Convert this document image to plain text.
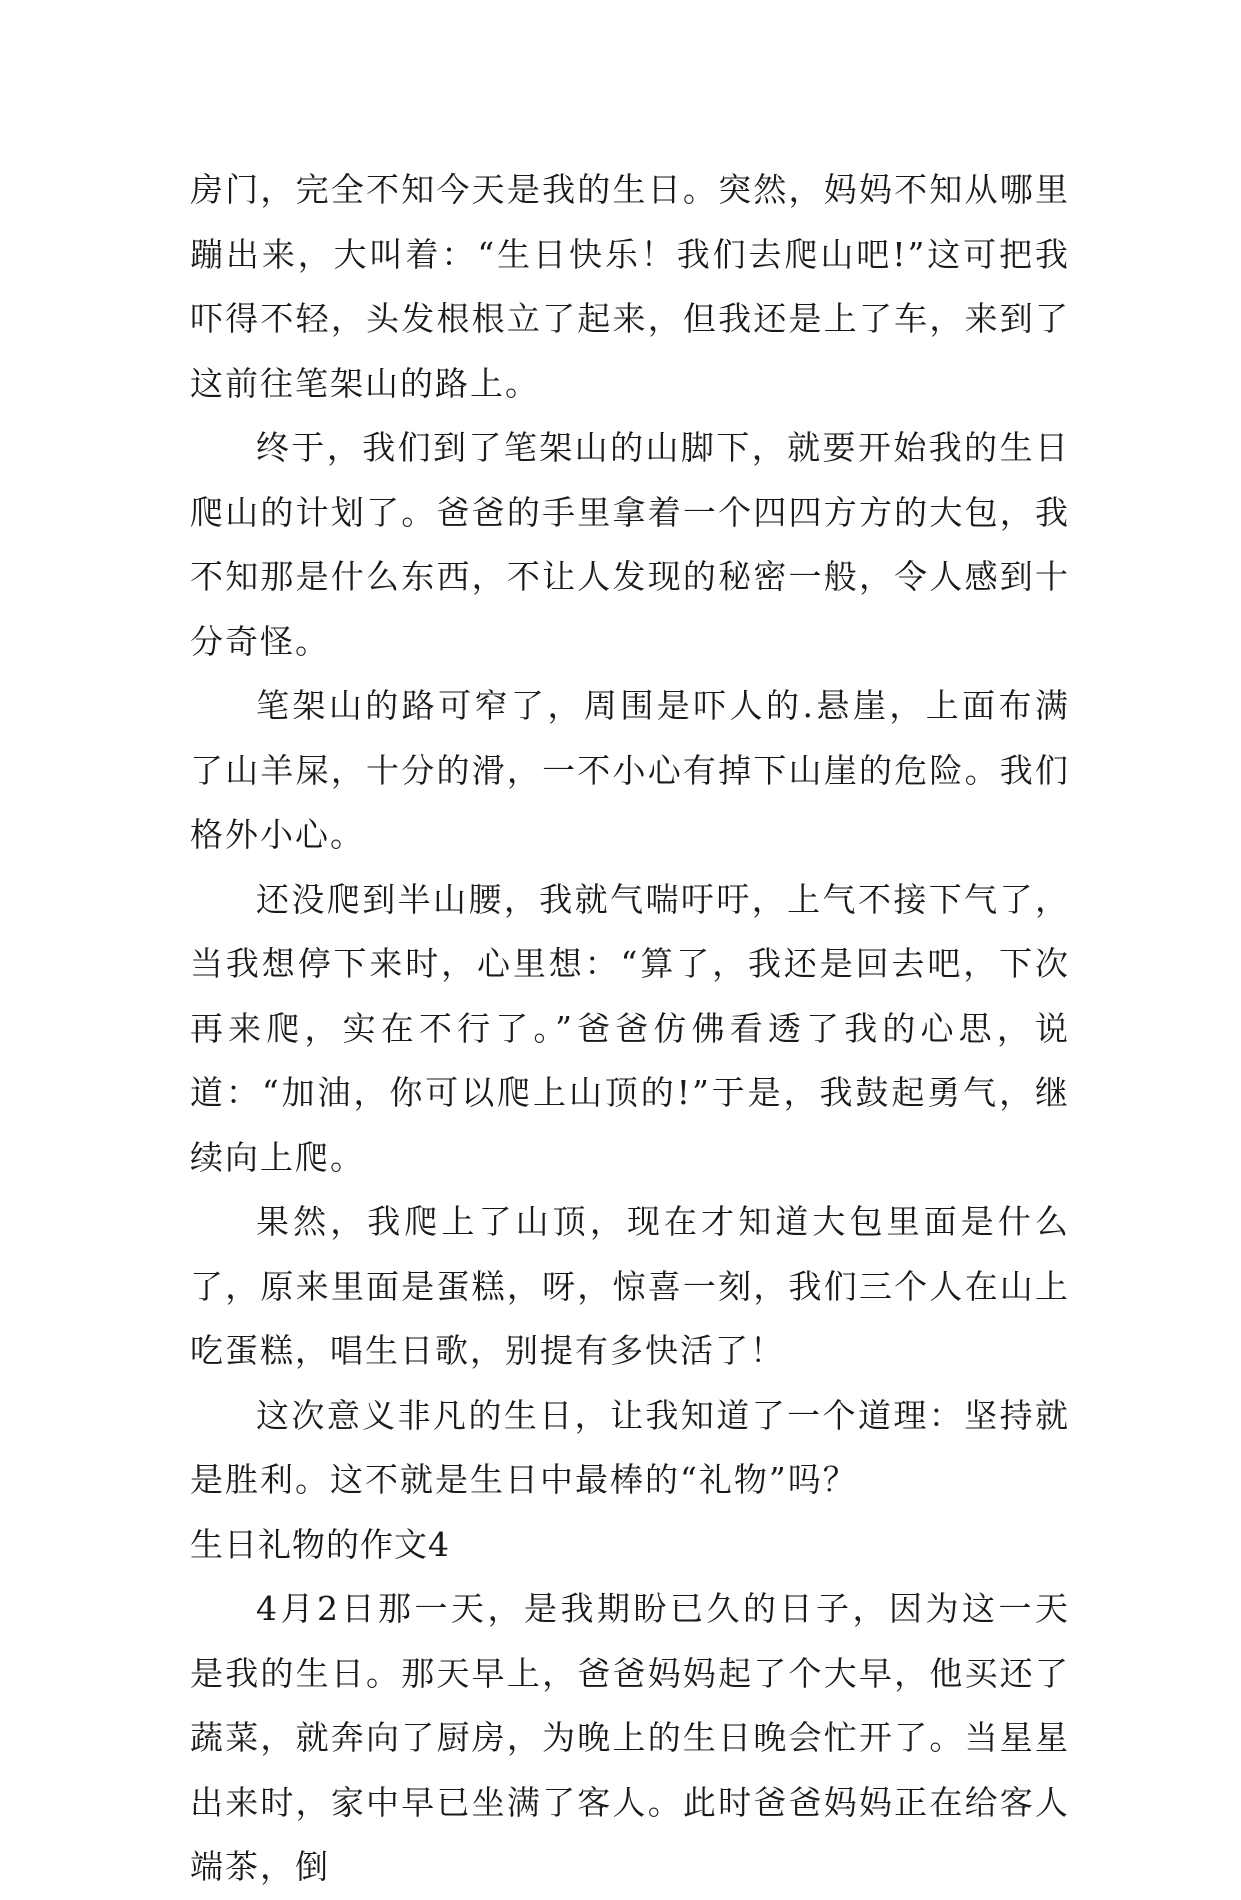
房门，完全不知今天是我的生日。突然，妈妈不知从哪里蹦出来，大叫着：“生日快乐！我们去爬山吧!”这可把我吓得不轻，头发根根立了起来，但我还是上了车，来到了这前往笔架山的路上。

终于，我们到了笔架山的山脚下，就要开始我的生日爬山的计划了。爸爸的手里拿着一个四四方方的大包，我不知那是什么东西，不让人发现的秘密一般，令人感到十分奇怪。

笔架山的路可窄了，周围是吓人的.悬崖，上面布满了山羊屎，十分的滑，一不小心有掉下山崖的危险。我们格外小心。

还没爬到半山腰，我就气喘吁吁，上气不接下气了，当我想停下来时，心里想：“算了，我还是回去吧，下次再来爬，实在不行了。”爸爸仿佛看透了我的心思，说道：“加油，你可以爬上山顶的!”于是，我鼓起勇气，继续向上爬。

果然，我爬上了山顶，现在才知道大包里面是什么了，原来里面是蛋糕，呀，惊喜一刻，我们三个人在山上吃蛋糕，唱生日歌，别提有多快活了！

这次意义非凡的生日，让我知道了一个道理：坚持就是胜利。这不就是生日中最棒的“礼物”吗？

生日礼物的作文4

4月2日那一天，是我期盼已久的日子，因为这一天是我的生日。那天早上，爸爸妈妈起了个大早，他买还了蔬菜，就奔向了厨房，为晚上的生日晚会忙开了。当星星出来时，家中早已坐满了客人。此时爸爸妈妈正在给客人端茶，倒
